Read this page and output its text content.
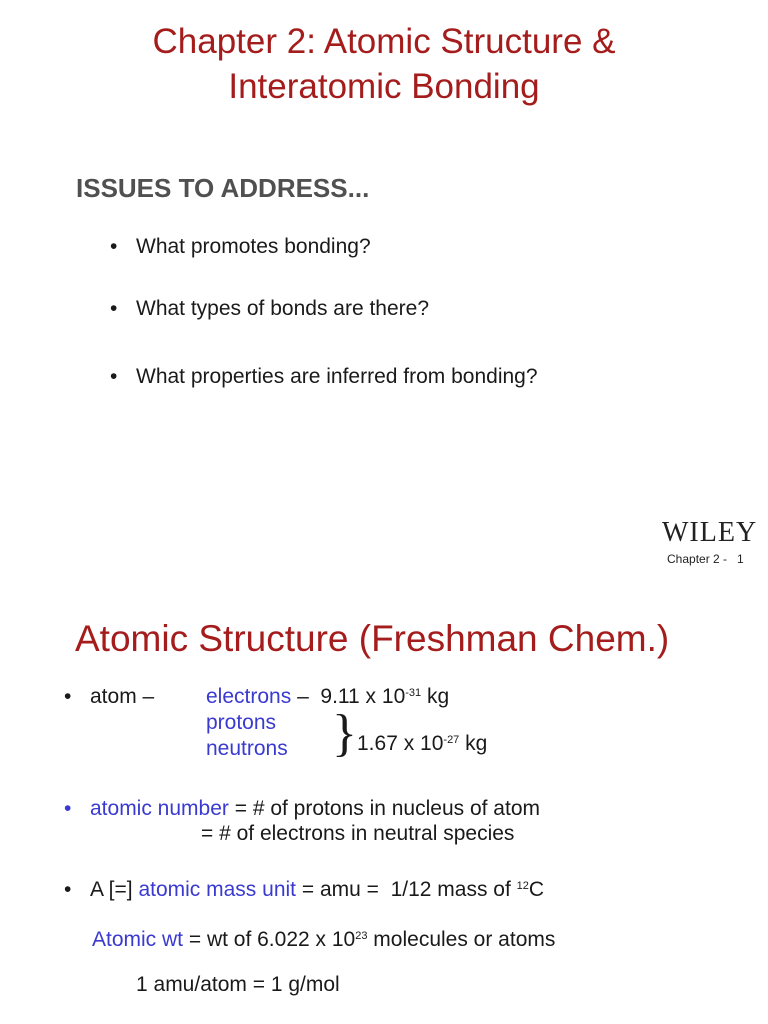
Chapter 2: Atomic Structure &
Interatomic Bonding
ISSUES TO ADDRESS...
• What promotes bonding?
• What types of bonds are there?
• What properties are inferred from bonding?
WILEY
Chapter 2 -   1
Atomic Structure (Freshman Chem.)
• atom – electrons –  9.11 x $10^{-31}$ kg
protons
neutrons } 1.67 x $10^{-27}$ kg
• atomic number = # of protons in nucleus of atom
= # of electrons in neutral species
• A [=] atomic mass unit = amu =  1/12 mass of $^{12}$C
Atomic wt = wt of 6.022 x $10^{23}$ molecules or atoms
1 amu/atom = 1 g/mol
